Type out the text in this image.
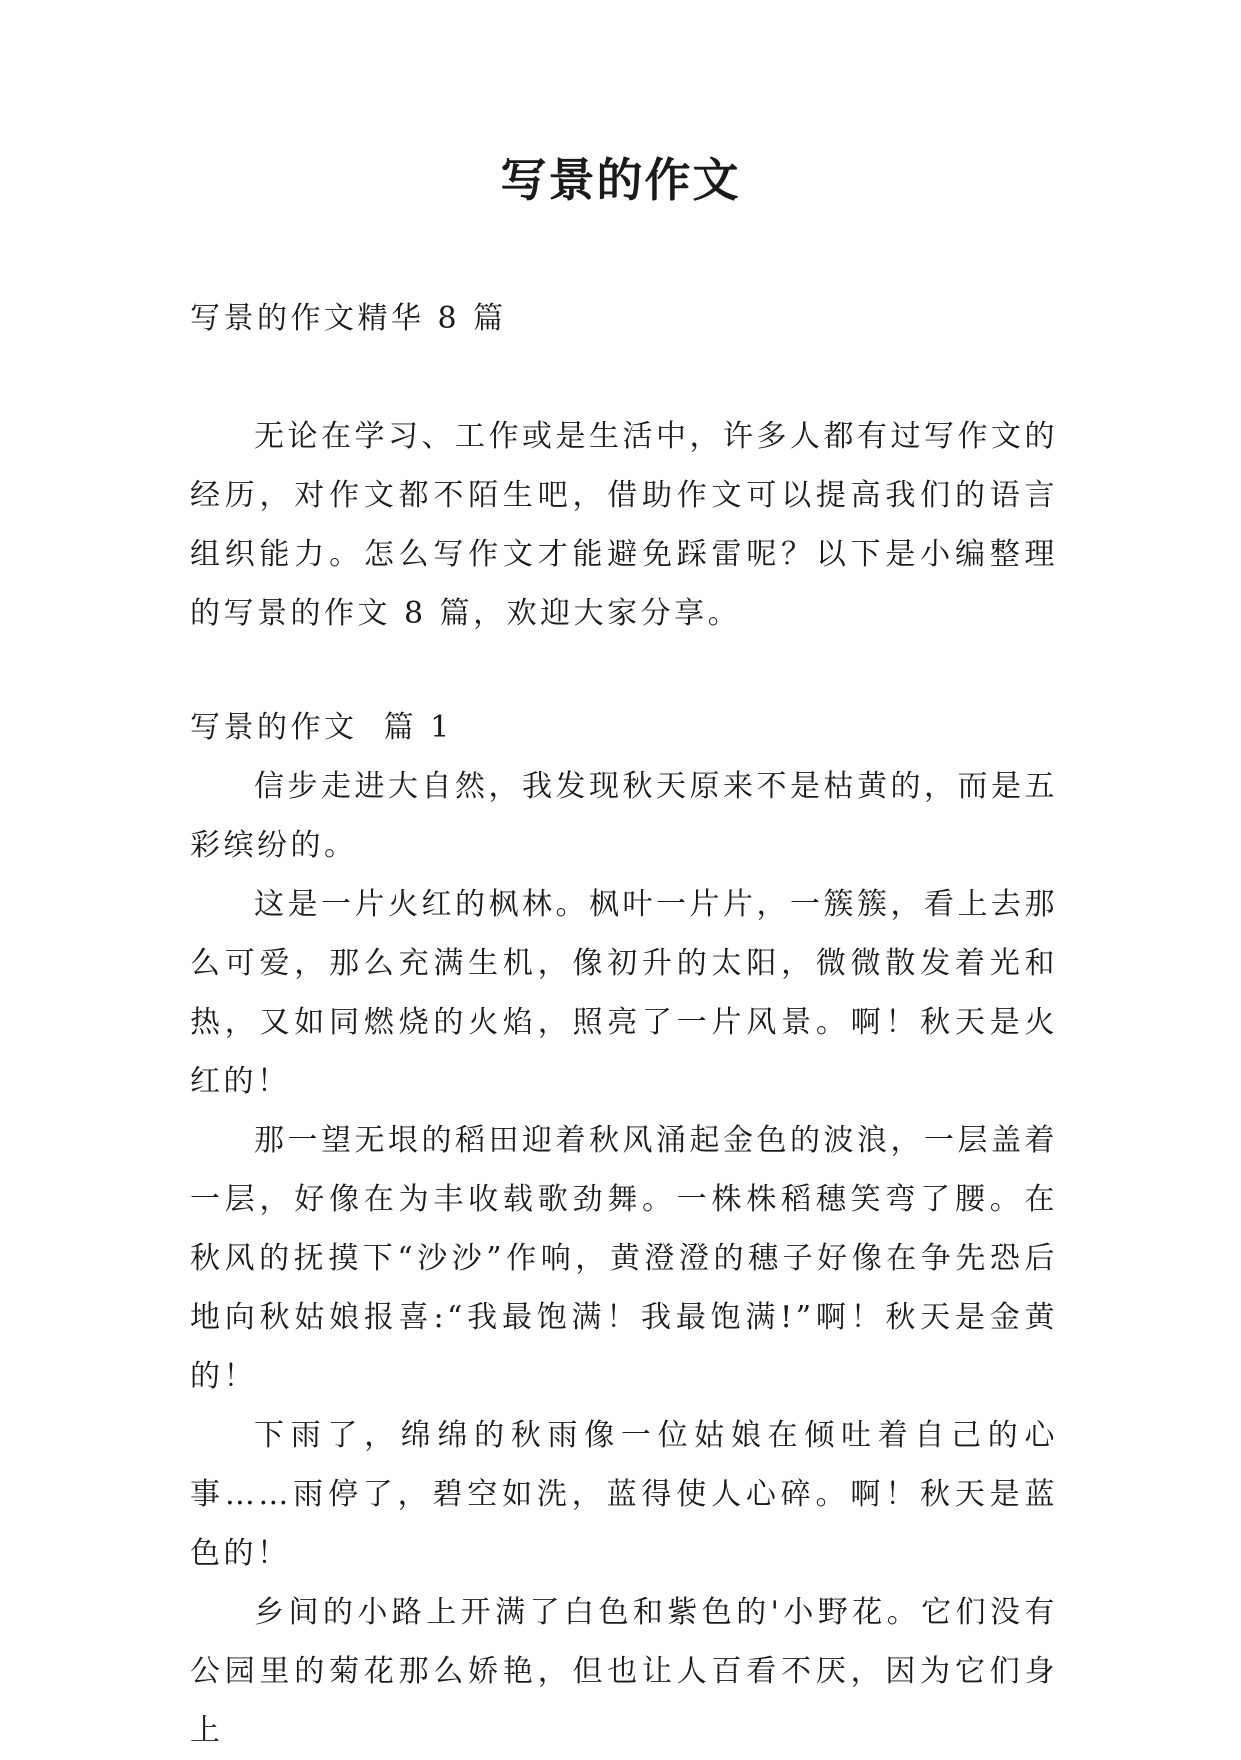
写景的作文

写景的作文精华 8 篇

无论在学习、工作或是生活中，许多人都有过写作文的经历，对作文都不陌生吧，借助作文可以提高我们的语言组织能力。怎么写作文才能避免踩雷呢？以下是小编整理的写景的作文 8 篇，欢迎大家分享。

写景的作文  篇 1

信步走进大自然，我发现秋天原来不是枯黄的，而是五彩缤纷的。

这是一片火红的枫林。枫叶一片片，一簇簇，看上去那么可爱，那么充满生机，像初升的太阳，微微散发着光和热，又如同燃烧的火焰，照亮了一片风景。啊！秋天是火红的！

那一望无垠的稻田迎着秋风涌起金色的波浪，一层盖着一层，好像在为丰收载歌劲舞。一株株稻穗笑弯了腰。在秋风的抚摸下“沙沙”作响，黄澄澄的穗子好像在争先恐后地向秋姑娘报喜:“我最饱满！我最饱满!”啊！秋天是金黄的！

下雨了，绵绵的秋雨像一位姑娘在倾吐着自己的心事……雨停了，碧空如洗，蓝得使人心碎。啊！秋天是蓝色的！

乡间的小路上开满了白色和紫色的'小野花。它们没有公园里的菊花那么娇艳，但也让人百看不厌，因为它们身上
